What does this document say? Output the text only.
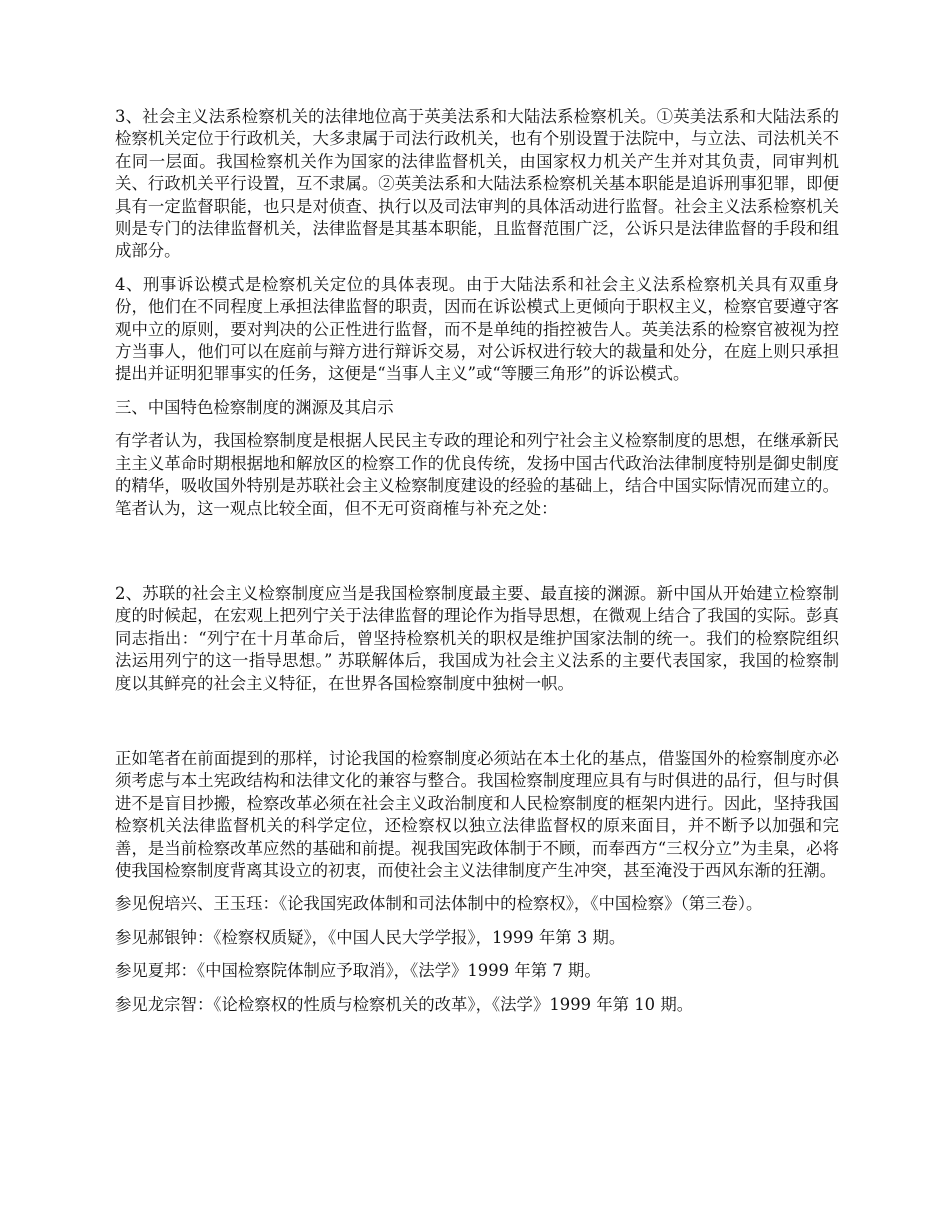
3、社会主义法系检察机关的法律地位高于英美法系和大陆法系检察机关。①英美法系和大陆法系的检察机关定位于行政机关，大多隶属于司法行政机关，也有个别设置于法院中，与立法、司法机关不在同一层面。我国检察机关作为国家的法律监督机关，由国家权力机关产生并对其负责，同审判机关、行政机关平行设置，互不隶属。②英美法系和大陆法系检察机关基本职能是追诉刑事犯罪，即便具有一定监督职能，也只是对侦查、执行以及司法审判的具体活动进行监督。社会主义法系检察机关则是专门的法律监督机关，法律监督是其基本职能，且监督范围广泛，公诉只是法律监督的手段和组成部分。

4、刑事诉讼模式是检察机关定位的具体表现。由于大陆法系和社会主义法系检察机关具有双重身份，他们在不同程度上承担法律监督的职责，因而在诉讼模式上更倾向于职权主义，检察官要遵守客观中立的原则，要对判决的公正性进行监督，而不是单纯的指控被告人。英美法系的检察官被视为控方当事人，他们可以在庭前与辩方进行辩诉交易，对公诉权进行较大的裁量和处分，在庭上则只承担提出并证明犯罪事实的任务，这便是“当事人主义”或“等腰三角形”的诉讼模式。

三、中国特色检察制度的渊源及其启示

有学者认为，我国检察制度是根据人民民主专政的理论和列宁社会主义检察制度的思想，在继承新民主主义革命时期根据地和解放区的检察工作的优良传统，发扬中国古代政治法律制度特别是御史制度的精华，吸收国外特别是苏联社会主义检察制度建设的经验的基础上，结合中国实际情况而建立的。 笔者认为，这一观点比较全面，但不无可资商榷与补充之处：

2、苏联的社会主义检察制度应当是我国检察制度最主要、最直接的渊源。新中国从开始建立检察制度的时候起，在宏观上把列宁关于法律监督的理论作为指导思想，在微观上结合了我国的实际。彭真同志指出：“列宁在十月革命后，曾坚持检察机关的职权是维护国家法制的统一。我们的检察院组织法运用列宁的这一指导思想。” 苏联解体后，我国成为社会主义法系的主要代表国家，我国的检察制度以其鲜亮的社会主义特征，在世界各国检察制度中独树一帜。

正如笔者在前面提到的那样，讨论我国的检察制度必须站在本土化的基点，借鉴国外的检察制度亦必须考虑与本土宪政结构和法律文化的兼容与整合。我国检察制度理应具有与时俱进的品行，但与时俱进不是盲目抄搬，检察改革必须在社会主义政治制度和人民检察制度的框架内进行。因此，坚持我国检察机关法律监督机关的科学定位，还检察权以独立法律监督权的原来面目，并不断予以加强和完善，是当前检察改革应然的基础和前提。视我国宪政体制于不顾，而奉西方“三权分立”为圭臬，必将使我国检察制度背离其设立的初衷，而使社会主义法律制度产生冲突，甚至淹没于西风东渐的狂潮。

参见倪培兴、王玉珏：《论我国宪政体制和司法体制中的检察权》，《中国检察》（第三卷）。

参见郝银钟：《检察权质疑》，《中国人民大学学报》，1999 年第 3 期。

参见夏邦：《中国检察院体制应予取消》，《法学》1999 年第 7 期。

参见龙宗智：《论检察权的性质与检察机关的改革》，《法学》1999 年第 10 期。
